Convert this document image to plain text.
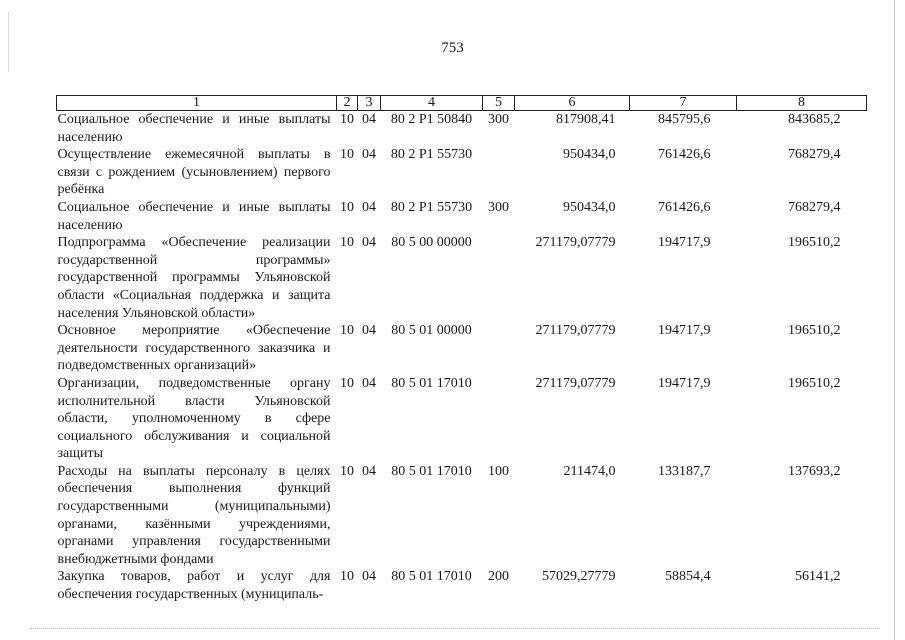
753
1	2	3	4	5	6	7	8
Социальное обеспечение и иные выплаты населению	10	04	80 2 Р1 50840	300	817908,41	845795,6	843685,2
Осуществление ежемесячной выплаты в связи с рождением (усыновлением) первого ребёнка	10	04	80 2 Р1 55730		950434,0	761426,6	768279,4
Социальное обеспечение и иные выплаты населению	10	04	80 2 Р1 55730	300	950434,0	761426,6	768279,4
Подпрограмма «Обеспечение реализации государственной программы» государственной программы Ульяновской области «Социальная поддержка и защита населения Ульяновской области»	10	04	80 5 00 00000		271179,07779	194717,9	196510,2
Основное мероприятие «Обеспечение деятельности государственного заказчика и подведомственных организаций»	10	04	80 5 01 00000		271179,07779	194717,9	196510,2
Организации, подведомственные органу исполнительной власти Ульяновской области, уполномоченному в сфере социального обслуживания и социальной защиты	10	04	80 5 01 17010		271179,07779	194717,9	196510,2
Расходы на выплаты персоналу в целях обеспечения выполнения функций государственными (муниципальными) органами, казёнными учреждениями, органами управления государственными внебюджетными фондами	10	04	80 5 01 17010	100	211474,0	133187,7	137693,2
Закупка товаров, работ и услуг для обеспечения государственных (муниципаль-	10	04	80 5 01 17010	200	57029,27779	58854,4	56141,2
